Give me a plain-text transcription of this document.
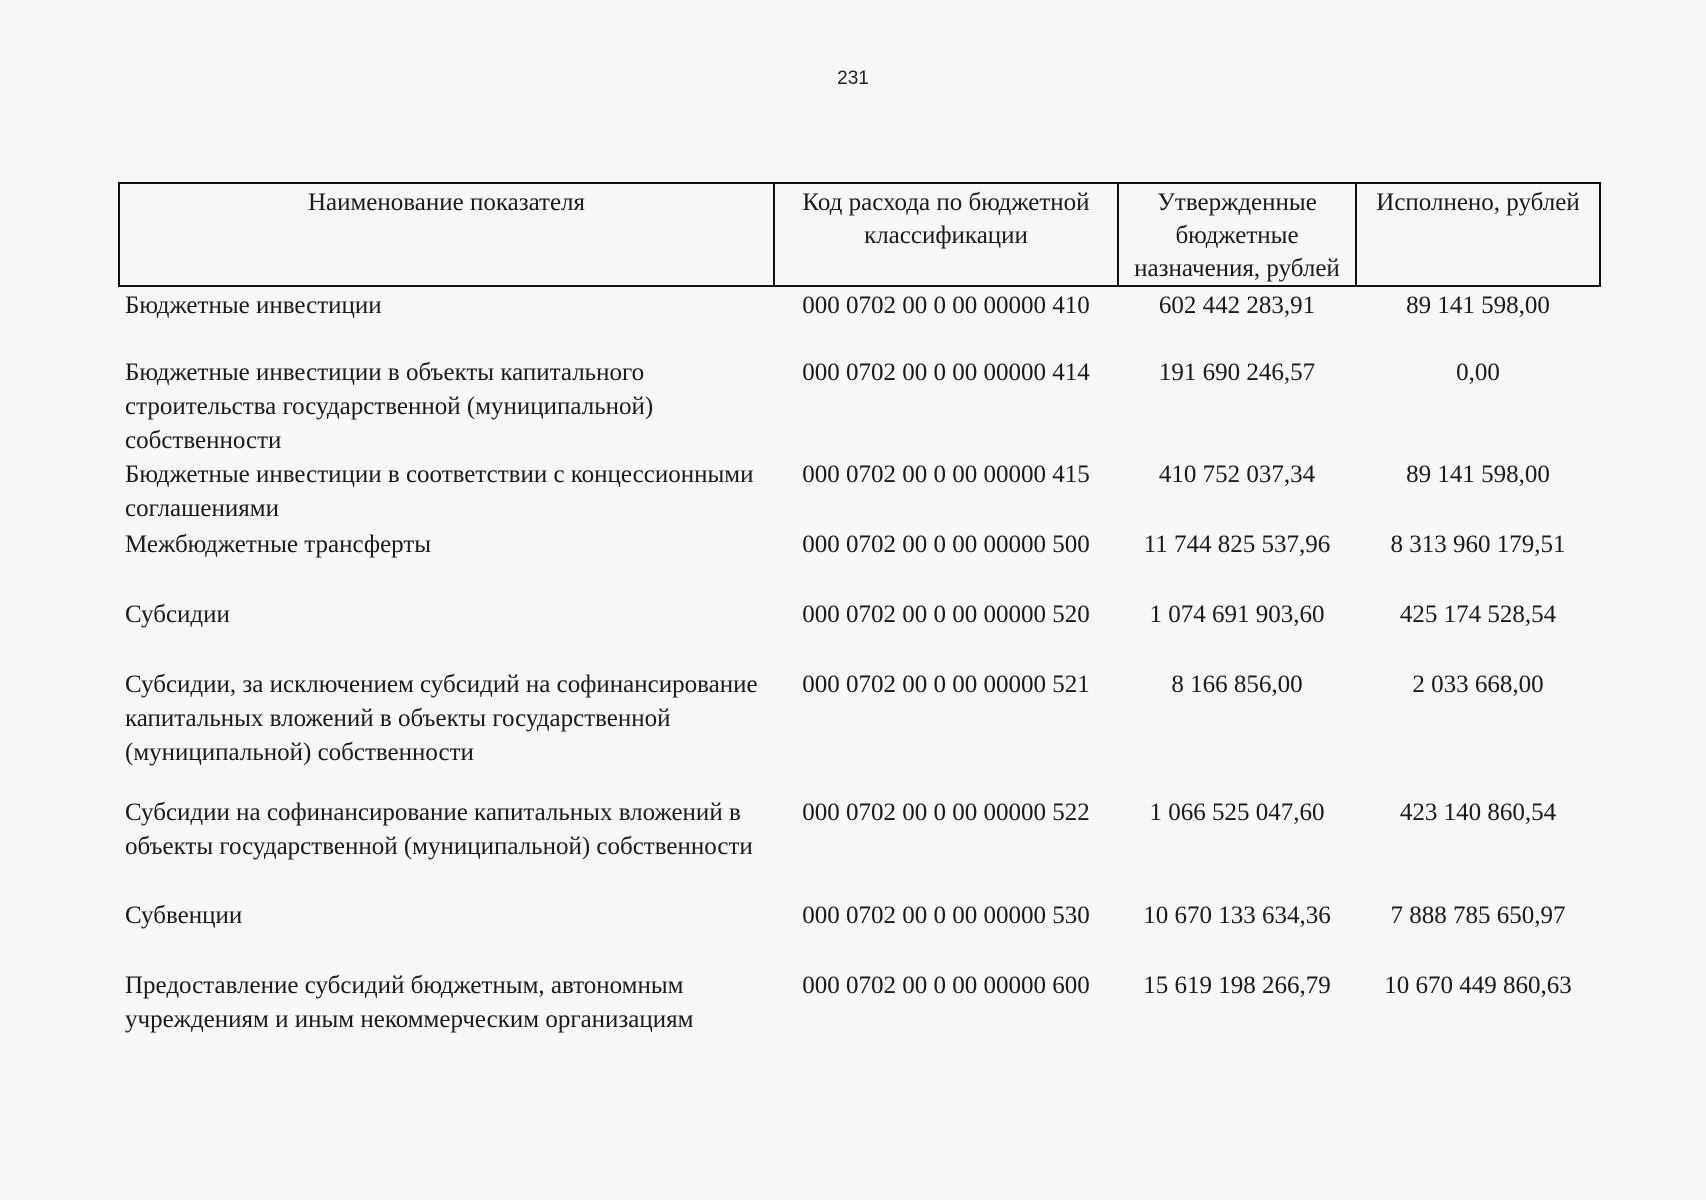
231
Наименование показателя	Код расхода по бюджетной классификации	Утвержденные бюджетные назначения, рублей	Исполнено, рублей
Бюджетные инвестиции	000 0702 00 0 00 00000 410	602 442 283,91	89 141 598,00
Бюджетные инвестиции в объекты капитального строительства государственной (муниципальной) собственности	000 0702 00 0 00 00000 414	191 690 246,57	0,00
Бюджетные инвестиции в соответствии с концессионными соглашениями	000 0702 00 0 00 00000 415	410 752 037,34	89 141 598,00
Межбюджетные трансферты	000 0702 00 0 00 00000 500	11 744 825 537,96	8 313 960 179,51
Субсидии	000 0702 00 0 00 00000 520	1 074 691 903,60	425 174 528,54
Субсидии, за исключением субсидий на софинансирование капитальных вложений в объекты государственной (муниципальной) собственности	000 0702 00 0 00 00000 521	8 166 856,00	2 033 668,00
Субсидии на софинансирование капитальных вложений в объекты государственной (муниципальной) собственности	000 0702 00 0 00 00000 522	1 066 525 047,60	423 140 860,54
Субвенции	000 0702 00 0 00 00000 530	10 670 133 634,36	7 888 785 650,97
Предоставление субсидий бюджетным, автономным учреждениям и иным некоммерческим организациям	000 0702 00 0 00 00000 600	15 619 198 266,79	10 670 449 860,63
